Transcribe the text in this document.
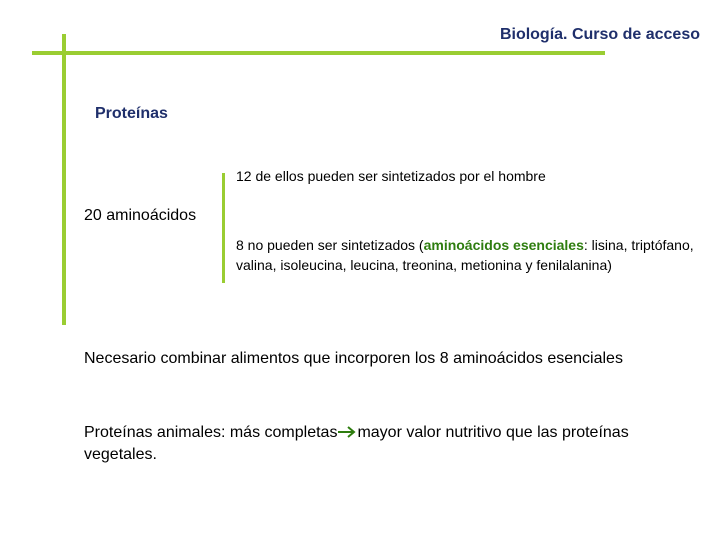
Biología. Curso de acceso
Proteínas
12 de ellos pueden ser sintetizados por el hombre
20 aminoácidos
8 no pueden ser sintetizados (aminoácidos esenciales: lisina, triptófano, valina, isoleucina, leucina, treonina, metionina y fenilalanina)
Necesario combinar alimentos que incorporen los 8 aminoácidos esenciales
Proteínas animales: más completas mayor valor nutritivo que las proteínas vegetales.
